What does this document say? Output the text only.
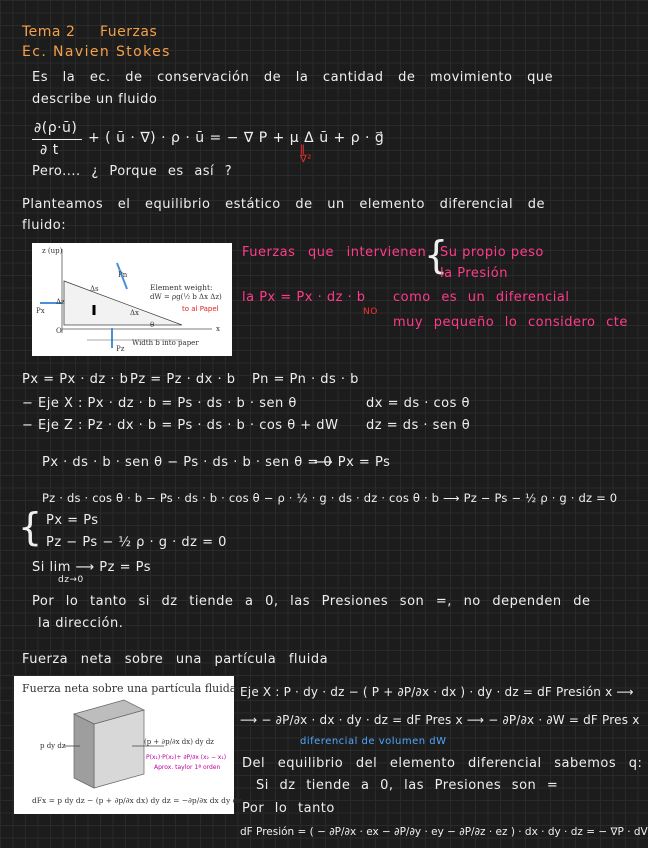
Tema 2 Fuerzas
Ec. Navien Stokes
Es la ec. de conservación de la cantidad de movimiento que
describe un fluido
∂(ρ·ū)
∂ t
+ ( ū · ∇) · ρ · ū = − ∇ P + μ Δ ū + ρ · g⃗
‖
∇²
Pero.... ¿ Porque es así ?
Planteamos el equilibrio estático de un elemento diferencial de
fluido:
z (up)
Pn
Δs
Δz
Px	Δx
θ
O	x
Pz
Element weight:
dW = ρg(½ b Δx Δz)
Width b into paper
to al Papel
Fuerzas que intervienen
{
Su propio peso
la Presión
la Px = Px · dz · b
NO
como es un diferencial
muy pequeño lo considero cte
Px = Px · dz · b Pz = Pz · dx · b Pn = Pn · ds · b
− Eje X : Px · dz · b = Ps · ds · b · sen θ
− Eje Z : Pz · dx · b = Ps · ds · b · cos θ + dW
dx = ds · cos θ
dz = ds · sen θ
Px · ds · b · sen θ − Ps · ds · b · sen θ = 0
⟶ Px = Ps
Pz · ds · cos θ · b − Ps · ds · b · cos θ − ρ · ½ · g · ds · dz · cos θ · b ⟶ Pz − Ps − ½ ρ · g · dz = 0
{ Px = Ps
Pz − Ps − ½ ρ · g · dz = 0
Si lim ⟶ Pz = Ps
dz→0
Por lo tanto si dz tiende a 0, las Presiones son =, no dependen de
la dirección.
Fuerza neta sobre una partícula fluida
Fuerza neta sobre una partícula fluida
p dy dz	(p + ∂p/∂x dx) dy dz
P(x₁)·P(x₂)+ ∂P/∂x (x₂ − x₁)
Aprox. taylor 1ª orden
dFx = p dy dz − (p + ∂p/∂x dx) dy dz = −∂p/∂x dx dy dz
Eje X : P · dy · dz − ( P + ∂P/∂x · dx ) · dy · dz = dF Presión x ⟶
⟶ − ∂P/∂x · dx · dy · dz = dF Pres x ⟶ − ∂P/∂x · ∂W = dF Pres x
diferencial de volumen dW
Del equilibrio del elemento diferencial sabemos q:
Si dz tiende a 0, las Presiones son =
Por lo tanto
dF Presión = ( − ∂P/∂x · ex − ∂P/∂y · ey − ∂P/∂z · ez ) · dx · dy · dz = − ∇P · dV
